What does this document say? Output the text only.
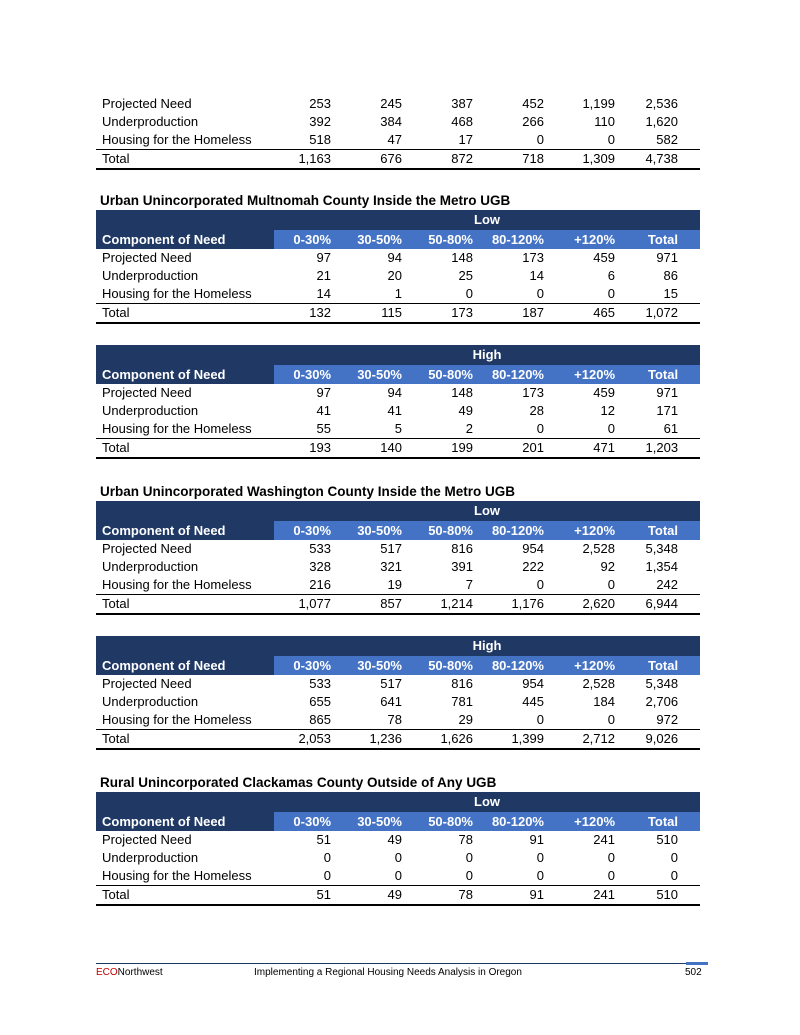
Projected Need	253	245	387	452	1,199	2,536
Underproduction	392	384	468	266	110	1,620
Housing for the Homeless	518	47	17	0	0	582
Total	1,163	676	872	718	1,309	4,738
Urban Unincorporated Multnomah County Inside the Metro UGB
Low						
Component of Need	0-30%	30-50%	50-80%	80-120%	+120%	Total
Projected Need	97	94	148	173	459	971
Underproduction	21	20	25	14	6	86
Housing for the Homeless	14	1	0	0	0	15
Total	132	115	173	187	465	1,072
High						
Component of Need	0-30%	30-50%	50-80%	80-120%	+120%	Total
Projected Need	97	94	148	173	459	971
Underproduction	41	41	49	28	12	171
Housing for the Homeless	55	5	2	0	0	61
Total	193	140	199	201	471	1,203
Urban Unincorporated Washington County Inside the Metro UGB
Low						
Component of Need	0-30%	30-50%	50-80%	80-120%	+120%	Total
Projected Need	533	517	816	954	2,528	5,348
Underproduction	328	321	391	222	92	1,354
Housing for the Homeless	216	19	7	0	0	242
Total	1,077	857	1,214	1,176	2,620	6,944
High						
Component of Need	0-30%	30-50%	50-80%	80-120%	+120%	Total
Projected Need	533	517	816	954	2,528	5,348
Underproduction	655	641	781	445	184	2,706
Housing for the Homeless	865	78	29	0	0	972
Total	2,053	1,236	1,626	1,399	2,712	9,026
Rural Unincorporated Clackamas County Outside of Any UGB
Low						
Component of Need	0-30%	30-50%	50-80%	80-120%	+120%	Total
Projected Need	51	49	78	91	241	510
Underproduction	0	0	0	0	0	0
Housing for the Homeless	0	0	0	0	0	0
Total	51	49	78	91	241	510
ECONorthwest	Implementing a Regional Housing Needs Analysis in Oregon	502
